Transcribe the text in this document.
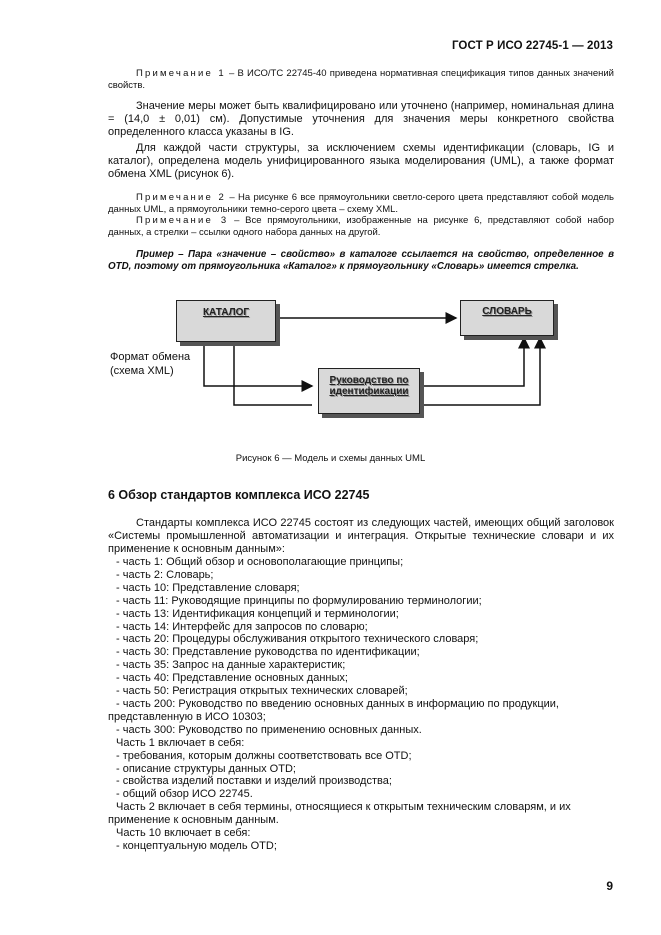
ГОСТ Р ИСО 22745-1 — 2013
Примечание 1 – В ИСО/ТС 22745-40 приведена нормативная спецификация типов данных значений свойств.
Значение меры может быть квалифицировано или уточнено (например, номинальная длина = (14,0 ± 0,01) см). Допустимые уточнения для значения меры конкретного свойства определенного класса указаны в IG.
Для каждой части структуры, за исключением схемы идентификации (словарь, IG и каталог), определена модель унифицированного языка моделирования (UML), а также формат обмена XML (рисунок 6).
Примечание 2 – На рисунке 6 все прямоугольники светло-серого цвета представляют собой модель данных UML, а прямоугольники темно-серого цвета – схему XML.
Примечание 3 – Все прямоугольники, изображенные на рисунке 6, представляют собой набор данных, а стрелки – ссылки одного набора данных на другой.
Пример – Пара «значение – свойство» в каталоге ссылается на свойство, определенное в OTD, поэтому от прямоугольника «Каталог» к прямоугольнику «Словарь» имеется стрелка.
КАТАЛОГ	СЛОВАРЬ
Руководство по
идентификации
Формат обмена
(схема XML)
Рисунок 6 — Модель и схемы данных UML
6 Обзор стандартов комплекса ИСО 22745
Стандарты комплекса ИСО 22745 состоят из следующих частей, имеющих общий заголовок «Системы промышленной автоматизации и интеграция. Открытые технические словари и их применение к основным данным»:
- часть 1: Общий обзор и основополагающие принципы;
- часть 2: Словарь;
- часть 10: Представление словаря;
- часть 11: Руководящие принципы по формулированию терминологии;
- часть 13: Идентификация концепций и терминологии;
- часть 14: Интерфейс для запросов по словарю;
- часть 20: Процедуры обслуживания открытого технического словаря;
- часть 30: Представление руководства по идентификации;
- часть 35: Запрос на данные характеристик;
- часть 40: Представление основных данных;
- часть 50: Регистрация открытых технических словарей;
- часть 200: Руководство по введению основных данных в информацию по продукции, представленную в ИСО 10303;
- часть 300: Руководство по применению основных данных.
Часть 1 включает в себя:
- требования, которым должны соответствовать все OTD;
- описание структуры данных OTD;
- свойства изделий поставки и изделий производства;
- общий обзор ИСО 22745.
Часть 2 включает в себя термины, относящиеся к открытым техническим словарям, и их применение к основным данным.
Часть 10 включает в себя:
- концептуальную модель OTD;
9
